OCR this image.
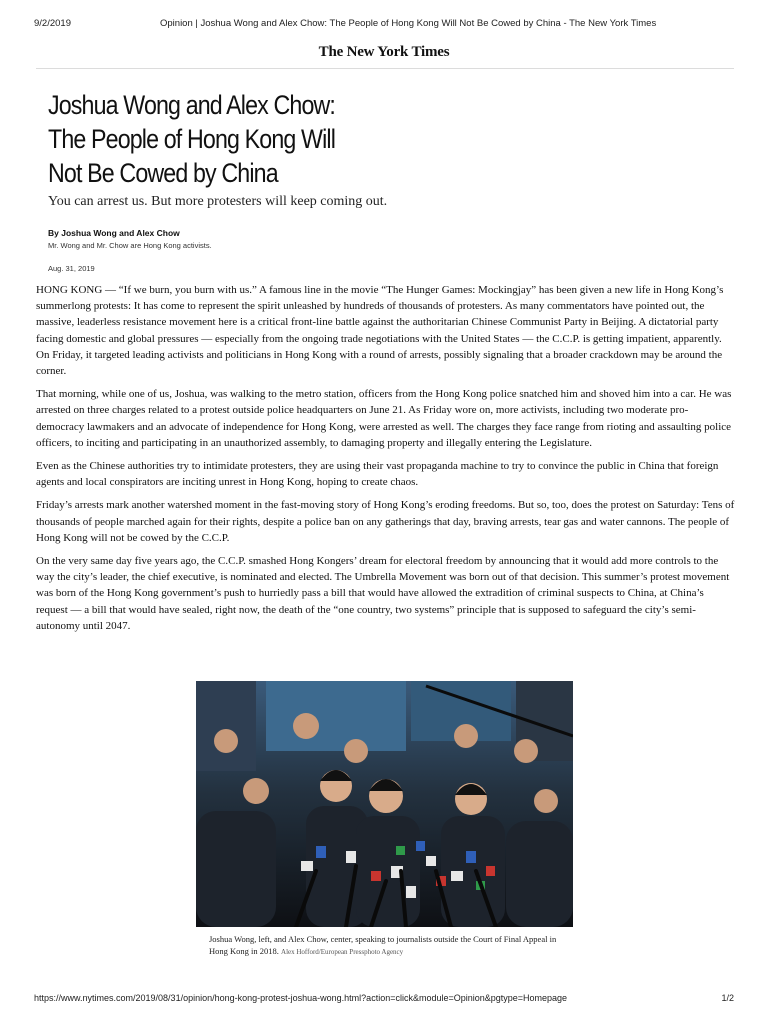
9/2/2019	Opinion | Joshua Wong and Alex Chow: The People of Hong Kong Will Not Be Cowed by China - The New York Times
The New York Times
Joshua Wong and Alex Chow: The People of Hong Kong Will Not Be Cowed by China
You can arrest us. But more protesters will keep coming out.
By Joshua Wong and Alex Chow
Mr. Wong and Mr. Chow are Hong Kong activists.
Aug. 31, 2019

HONG KONG — “If we burn, you burn with us.” A famous line in the movie “The Hunger Games: Mockingjay” has been given a new life in Hong Kong’s summerlong protests: It has come to represent the spirit unleashed by hundreds of thousands of protesters. As many commentators have pointed out, the massive, leaderless resistance movement here is a critical front-line battle against the authoritarian Chinese Communist Party in Beijing. A dictatorial party facing domestic and global pressures — especially from the ongoing trade negotiations with the United States — the C.C.P. is getting impatient, apparently. On Friday, it targeted leading activists and politicians in Hong Kong with a round of arrests, possibly signaling that a broader crackdown may be around the corner.

That morning, while one of us, Joshua, was walking to the metro station, officers from the Hong Kong police snatched him and shoved him into a car. He was arrested on three charges related to a protest outside police headquarters on June 21. As Friday wore on, more activists, including two moderate pro-democracy lawmakers and an advocate of independence for Hong Kong, were arrested as well. The charges they face range from rioting and assaulting police officers, to inciting and participating in an unauthorized assembly, to damaging property and illegally entering the Legislature.

Even as the Chinese authorities try to intimidate protesters, they are using their vast propaganda machine to try to convince the public in China that foreign agents and local conspirators are inciting unrest in Hong Kong, hoping to create chaos.

Friday’s arrests mark another watershed moment in the fast-moving story of Hong Kong’s eroding freedoms. But so, too, does the protest on Saturday: Tens of thousands of people marched again for their rights, despite a police ban on any gatherings that day, braving arrests, tear gas and water cannons. The people of Hong Kong will not be cowed by the C.C.P.

On the very same day five years ago, the C.C.P. smashed Hong Kongers’ dream for electoral freedom by announcing that it would add more controls to the way the city’s leader, the chief executive, is nominated and elected. The Umbrella Movement was born out of that decision. This summer’s protest movement was born of the Hong Kong government’s push to hurriedly pass a bill that would have allowed the extradition of criminal suspects to China, at China’s request — a bill that would have sealed, right now, the death of the “one country, two systems” principle that is supposed to safeguard the city’s semi-autonomy until 2047.

Joshua Wong, left, and Alex Chow, center, speaking to journalists outside the Court of Final Appeal in Hong Kong in 2018. Alex Hofford/European Pressphoto Agency
https://www.nytimes.com/2019/08/31/opinion/hong-kong-protest-joshua-wong.html?action=click&module=Opinion&pgtype=Homepage	1/2
